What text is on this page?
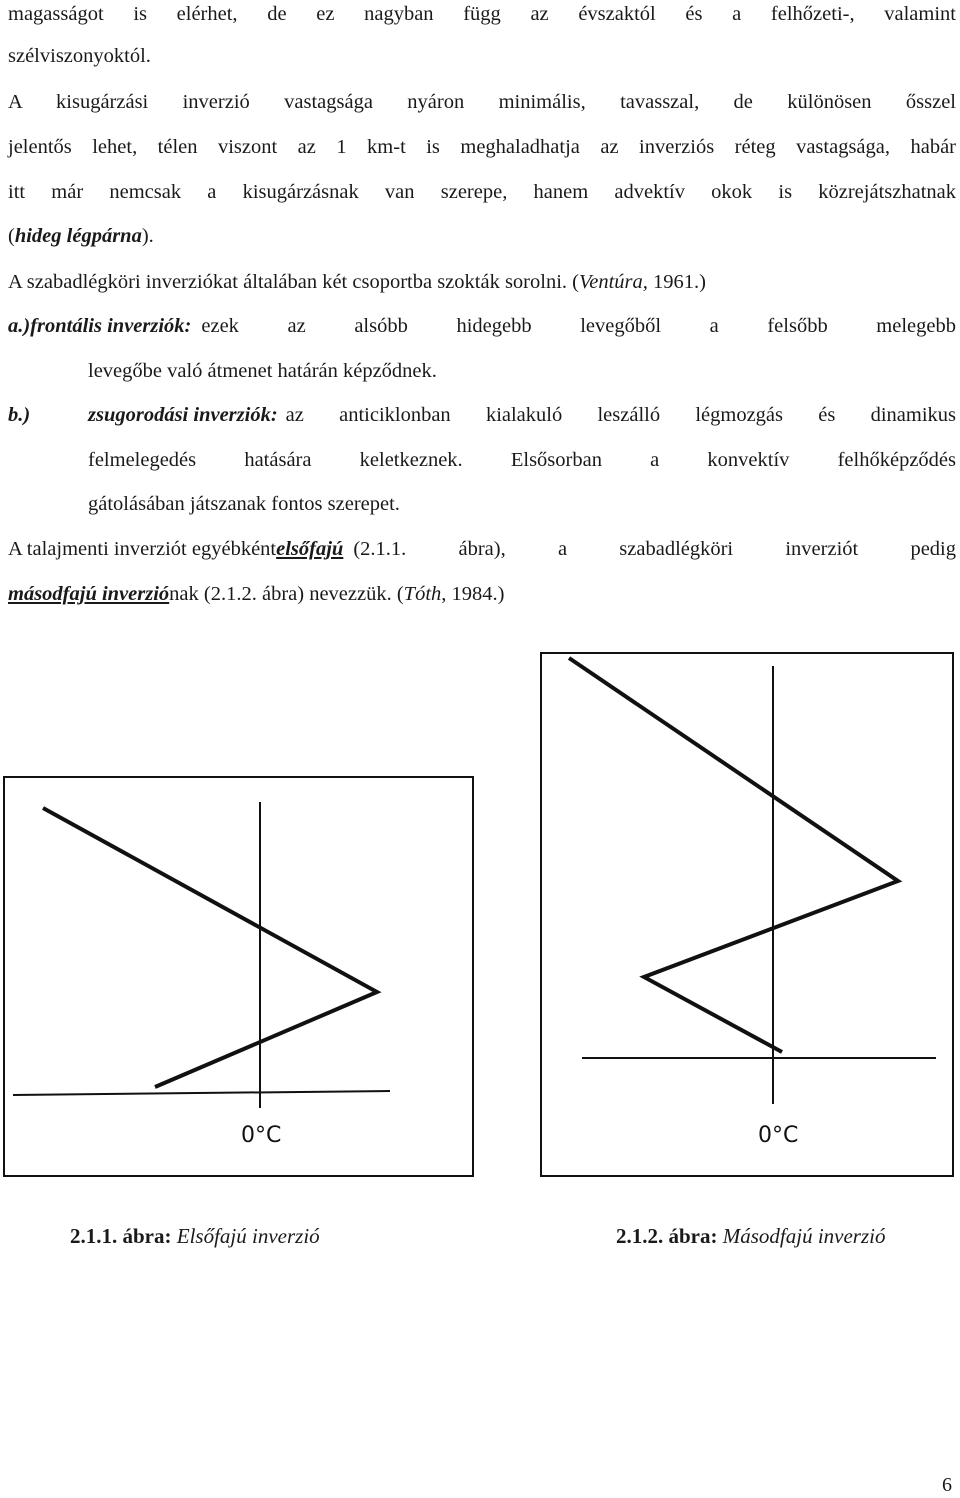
magasságot is elérhet, de ez nagyban függ az évszaktól és a felhőzeti-, valamint
szélviszonyoktól.
A kisugárzási inverzió vastagsága nyáron minimális, tavasszal, de különösen ősszel
jelentős lehet, télen viszont az 1 km-t is meghaladhatja az inverziós réteg vastagsága, habár
itt már nemcsak a kisugárzásnak van szerepe, hanem advektív okok is közrejátszhatnak
(hideg légpárna).
A szabadlégköri inverziókat általában két csoportba szokták sorolni. (Ventúra, 1961.)
a.) frontális inverziók: ezek az alsóbb hidegebb levegőből a felsőbb melegebb
levegőbe való átmenet határán képződnek.
b.)	zsugorodási inverziók: az anticiklonban kialakuló leszálló légmozgás és dinamikus
felmelegedés hatására keletkeznek. Elsősorban a konvektív felhőképződés
gátolásában játszanak fontos szerepet.
A talajmenti inverziót egyébként elsőfajú (2.1.1. ábra), a szabadlégköri inverziót pedig
másodfajú inverziónak (2.1.2. ábra) nevezzük. (Tóth, 1984.)
0°C	0°C
2.1.1. ábra: Elsőfajú inverzió	2.1.2. ábra: Másodfajú inverzió
6
